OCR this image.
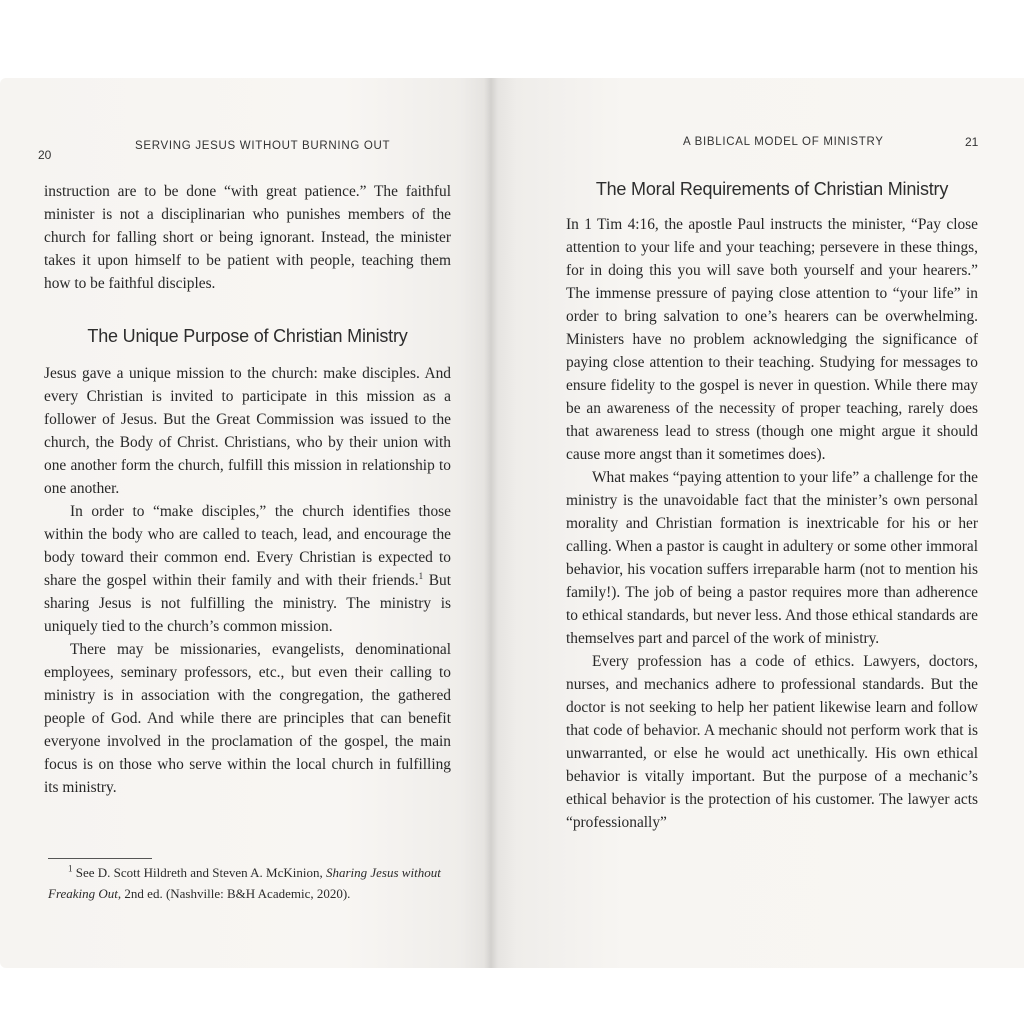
20
SERVING JESUS WITHOUT BURNING OUT

instruction are to be done “with great patience.” The faithful minister is not a disciplinarian who punishes members of the church for falling short or being ignorant. Instead, the minister takes it upon himself to be patient with people, teaching them how to be faithful disciples.

The Unique Purpose of Christian Ministry

Jesus gave a unique mission to the church: make disciples. And every Christian is invited to participate in this mission as a follower of Jesus. But the Great Commission was issued to the church, the Body of Christ. Christians, who by their union with one another form the church, fulfill this mission in relationship to one another.

In order to “make disciples,” the church identifies those within the body who are called to teach, lead, and encourage the body toward their common end. Every Christian is expected to share the gospel within their family and with their friends.$^1$ But sharing Jesus is not fulfilling the ministry. The ministry is uniquely tied to the church’s common mission.

There may be missionaries, evangelists, denominational employees, seminary professors, etc., but even their calling to ministry is in association with the congregation, the gathered people of God. And while there are principles that can benefit everyone involved in the proclamation of the gospel, the main focus is on those who serve within the local church in fulfilling its ministry.

$^1$ See D. Scott Hildreth and Steven A. McKinion, Sharing Jesus without Freaking Out, 2nd ed. (Nashville: B&H Academic, 2020).
A BIBLICAL MODEL OF MINISTRY	21
The Moral Requirements of Christian Ministry

In 1 Tim 4:16, the apostle Paul instructs the minister, “Pay close attention to your life and your teaching; persevere in these things, for in doing this you will save both yourself and your hearers.” The immense pressure of paying close attention to “your life” in order to bring salvation to one’s hearers can be overwhelming. Ministers have no problem acknowledging the significance of paying close attention to their teaching. Studying for messages to ensure fidelity to the gospel is never in question. While there may be an awareness of the necessity of proper teaching, rarely does that awareness lead to stress (though one might argue it should cause more angst than it sometimes does).

What makes “paying attention to your life” a challenge for the ministry is the unavoidable fact that the minister’s own personal morality and Christian formation is inextricable for his or her calling. When a pastor is caught in adultery or some other immoral behavior, his vocation suffers irreparable harm (not to mention his family!). The job of being a pastor requires more than adherence to ethical standards, but never less. And those ethical standards are themselves part and parcel of the work of ministry.

Every profession has a code of ethics. Lawyers, doctors, nurses, and mechanics adhere to professional standards. But the doctor is not seeking to help her patient likewise learn and follow that code of behavior. A mechanic should not perform work that is unwarranted, or else he would act unethically. His own ethical behavior is vitally important. But the purpose of a mechanic’s ethical behavior is the protection of his customer. The lawyer acts “professionally”
